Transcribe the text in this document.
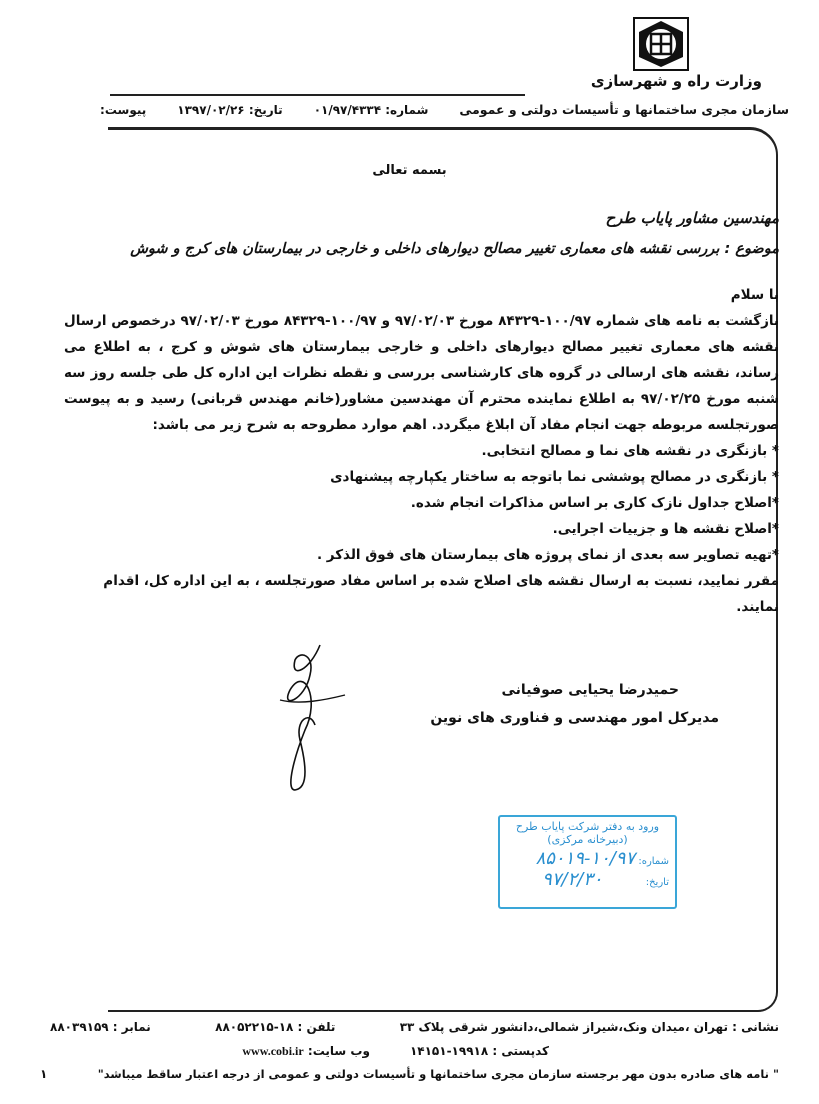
وزارت راه و شهرسازی
سازمان مجری ساختمانها و تأسیسات دولتی و عمومی
شماره: ۰۱/۹۷/۴۳۳۴
تاریخ: ۱۳۹۷/۰۲/۲۶
پیوست:
بسمه تعالی
مهندسین مشاور پایاب طرح
موضوع : بررسی نقشه های معماری تغییر مصالح دیوارهای داخلی و خارجی در بیمارستان های کرج و شوش
با سلام
بازگشت به نامه های شماره ۱۰۰/۹۷-۸۴۳۲۹ مورخ ۹۷/۰۲/۰۳ و ۱۰۰/۹۷-۸۴۳۲۹ مورخ ۹۷/۰۲/۰۳ درخصوص ارسال نقشه های معماری تغییر مصالح دیوارهای داخلی و خارجی بیمارستان های شوش و کرج ، به اطلاع می رساند، نقشه های ارسالی در گروه های کارشناسی بررسی و نقطه نظرات این اداره کل طی جلسه روز سه شنبه مورخ ۹۷/۰۲/۲۵ به اطلاع نماینده محترم آن مهندسین مشاور(خانم مهندس قربانی) رسید و به پیوست صورتجلسه مربوطه جهت انجام مفاد آن ابلاغ میگردد. اهم موارد مطروحه به شرح زیر می باشد:
* بازنگری در نقشه های نما و مصالح انتخابی.
* بازنگری در مصالح پوششی نما باتوجه به ساختار یکپارچه پیشنهادی
*اصلاح جداول نازک کاری بر اساس مذاکرات انجام شده.
*اصلاح نقشه ها و جزییات اجرایی.
*تهیه تصاویر سه بعدی از نمای پروژه های بیمارستان های فوق الذکر .
مقرر نمایید، نسبت به ارسال نقشه های اصلاح شده بر اساس مفاد صورتجلسه ، به این اداره کل، اقدام نمایند.
حمیدرضا یحیایی صوفیانی
مدیرکل امور مهندسی و فناوری های نوین
ورود به دفتر شرکت پایاب طرح
(دبیرخانه مرکزی)
شماره: ۱۰/۹۷-۸۵۰۱۹
تاریخ: ۹۷/۲/۳۰
نشانی : تهران ،میدان ونک،شیراز شمالی،دانشور شرقی پلاک ۳۳
تلفن : ۱۸-۸۸۰۵۲۲۱۵
نمابر : ۸۸۰۳۹۱۵۹
کدپستی : ۱۹۹۱۸-۱۴۱۵۱
وب سایت: www.cobi.ir
" نامه های صادره بدون مهر برجسته سازمان مجری ساختمانها و تأسیسات دولتی و عمومی از درجه اعتبار ساقط میباشد"
۱
